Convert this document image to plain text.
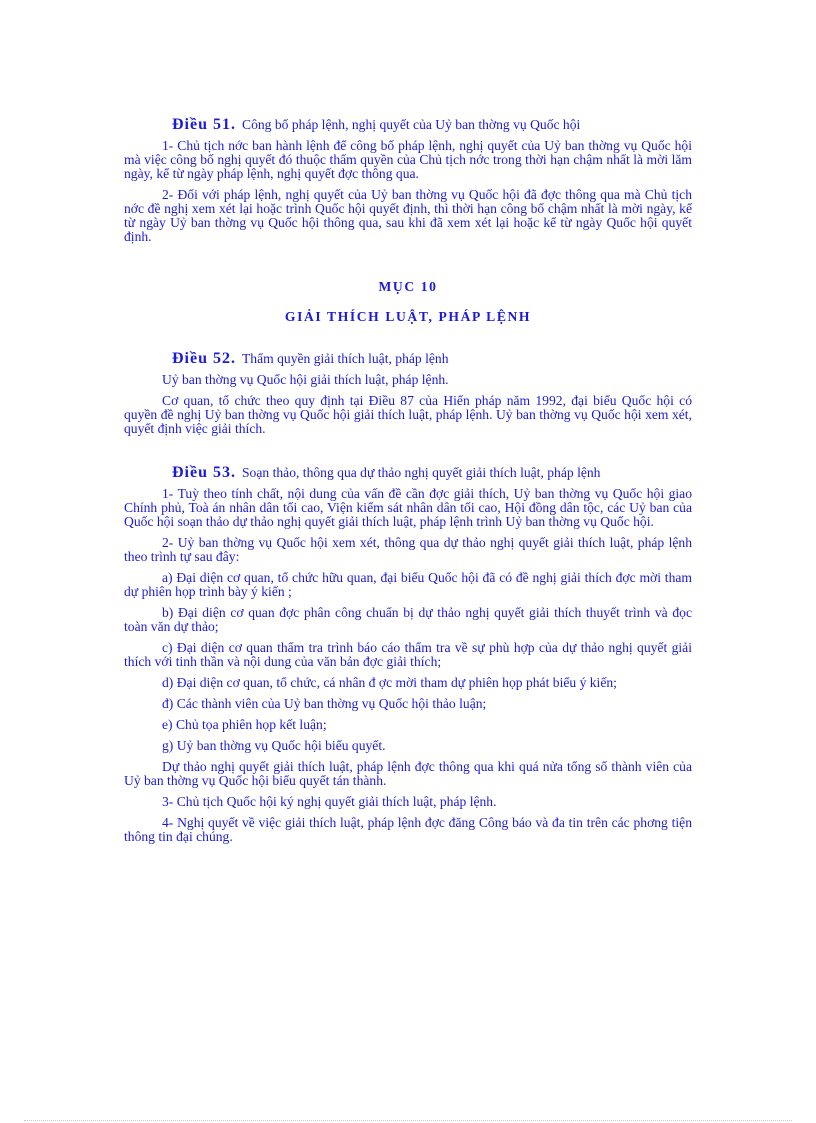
Điều 51. Công bố pháp lệnh, nghị quyết của Uỷ ban thờng vụ Quốc hội

1- Chủ tịch nớc ban hành lệnh để công bố pháp lệnh, nghị quyết của Uỷ ban thờng vụ Quốc hội mà việc công bố nghị quyết đó thuộc thẩm quyền của Chủ tịch nớc trong thời hạn chậm nhất là mời lăm ngày, kể từ ngày pháp lệnh, nghị quyết đợc thông qua.

2- Đối với pháp lệnh, nghị quyết của Uỷ ban thờng vụ Quốc hội đã đợc thông qua mà Chủ tịch nớc đề nghị xem xét lại hoặc trình Quốc hội quyết định, thì thời hạn công bố chậm nhất là mời ngày, kể từ ngày Uỷ ban thờng vụ Quốc hội thông qua, sau khi đã xem xét lại hoặc kể từ ngày Quốc hội quyết định.

MỤC 10

GIẢI THÍCH LUẬT, PHÁP LỆNH

Điều 52. Thẩm quyền giải thích luật, pháp lệnh

Uỷ ban thờng vụ Quốc hội giải thích luật, pháp lệnh.

Cơ quan, tổ chức theo quy định tại Điều 87 của Hiến pháp năm 1992, đại biểu Quốc hội có quyền đề nghị Uỷ ban thờng vụ Quốc hội giải thích luật, pháp lệnh. Uỷ ban thờng vụ Quốc hội xem xét, quyết định việc giải thích.

Điều 53. Soạn thảo, thông qua dự thảo nghị quyết giải thích luật, pháp lệnh

1- Tuỳ theo tính chất, nội dung của vấn đề cần đợc giải thích, Uỷ ban thờng vụ Quốc hội giao Chính phủ, Toà án nhân dân tối cao, Viện kiểm sát nhân dân tối cao, Hội đồng dân tộc, các Uỷ ban của Quốc hội soạn thảo dự thảo nghị quyết giải thích luật, pháp lệnh trình Uỷ ban thờng vụ Quốc hội.

2- Uỷ ban thờng vụ Quốc hội xem xét, thông qua dự thảo nghị quyết giải thích luật, pháp lệnh theo trình tự sau đây:

a) Đại diện cơ quan, tổ chức hữu quan, đại biểu Quốc hội đã có đề nghị giải thích đợc mời tham dự phiên họp trình bày ý kiến ;

b) Đại diện cơ quan đợc phân công chuẩn bị dự thảo nghị quyết giải thích thuyết trình và đọc toàn văn dự thảo;

c) Đại diện cơ quan thẩm tra trình báo cáo thẩm tra về sự phù hợp của dự thảo nghị quyết giải thích với tinh thần và nội dung của văn bản đợc giải thích;

d) Đại diện cơ quan, tổ chức, cá nhân đ ợc mời tham dự phiên họp phát biểu ý kiến;

đ) Các thành viên của Uỷ ban thờng vụ Quốc hội thảo luận;

e) Chủ tọa phiên họp kết luận;

g) Uỷ ban thờng vụ Quốc hội biểu quyết.

Dự thảo nghị quyết giải thích luật, pháp lệnh đợc thông qua khi quá nửa tổng số thành viên của Uỷ ban thờng vụ Quốc hội biểu quyết tán thành.

3- Chủ tịch Quốc hội ký nghị quyết giải thích luật, pháp lệnh.

4- Nghị quyết về việc giải thích luật, pháp lệnh đợc đăng Công báo và đa tin trên các phơng tiện thông tin đại chúng.
